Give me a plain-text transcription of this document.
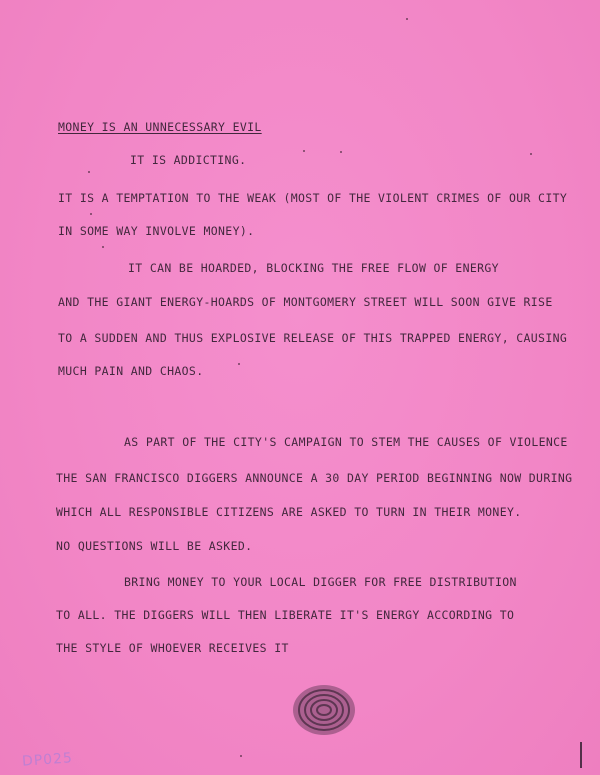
MONEY IS AN UNNECESSARY EVIL
IT IS ADDICTING.
IT IS A TEMPTATION TO THE WEAK (MOST OF THE VIOLENT CRIMES OF OUR CITY
IN SOME WAY INVOLVE MONEY).
IT CAN BE HOARDED, BLOCKING THE FREE FLOW OF ENERGY
AND THE GIANT ENERGY-HOARDS OF MONTGOMERY STREET WILL SOON GIVE RISE
TO A SUDDEN AND THUS EXPLOSIVE RELEASE OF THIS TRAPPED ENERGY, CAUSING
MUCH PAIN AND CHAOS.
AS PART OF THE CITY'S CAMPAIGN TO STEM THE CAUSES OF VIOLENCE
THE SAN FRANCISCO DIGGERS ANNOUNCE A 30 DAY PERIOD BEGINNING NOW DURING
WHICH ALL RESPONSIBLE CITIZENS ARE ASKED TO TURN IN THEIR MONEY.
NO QUESTIONS WILL BE ASKED.
BRING MONEY TO YOUR LOCAL DIGGER FOR FREE DISTRIBUTION
TO ALL. THE DIGGERS WILL THEN LIBERATE IT'S ENERGY ACCORDING TO
THE STYLE OF WHOEVER RECEIVES IT
DP025
